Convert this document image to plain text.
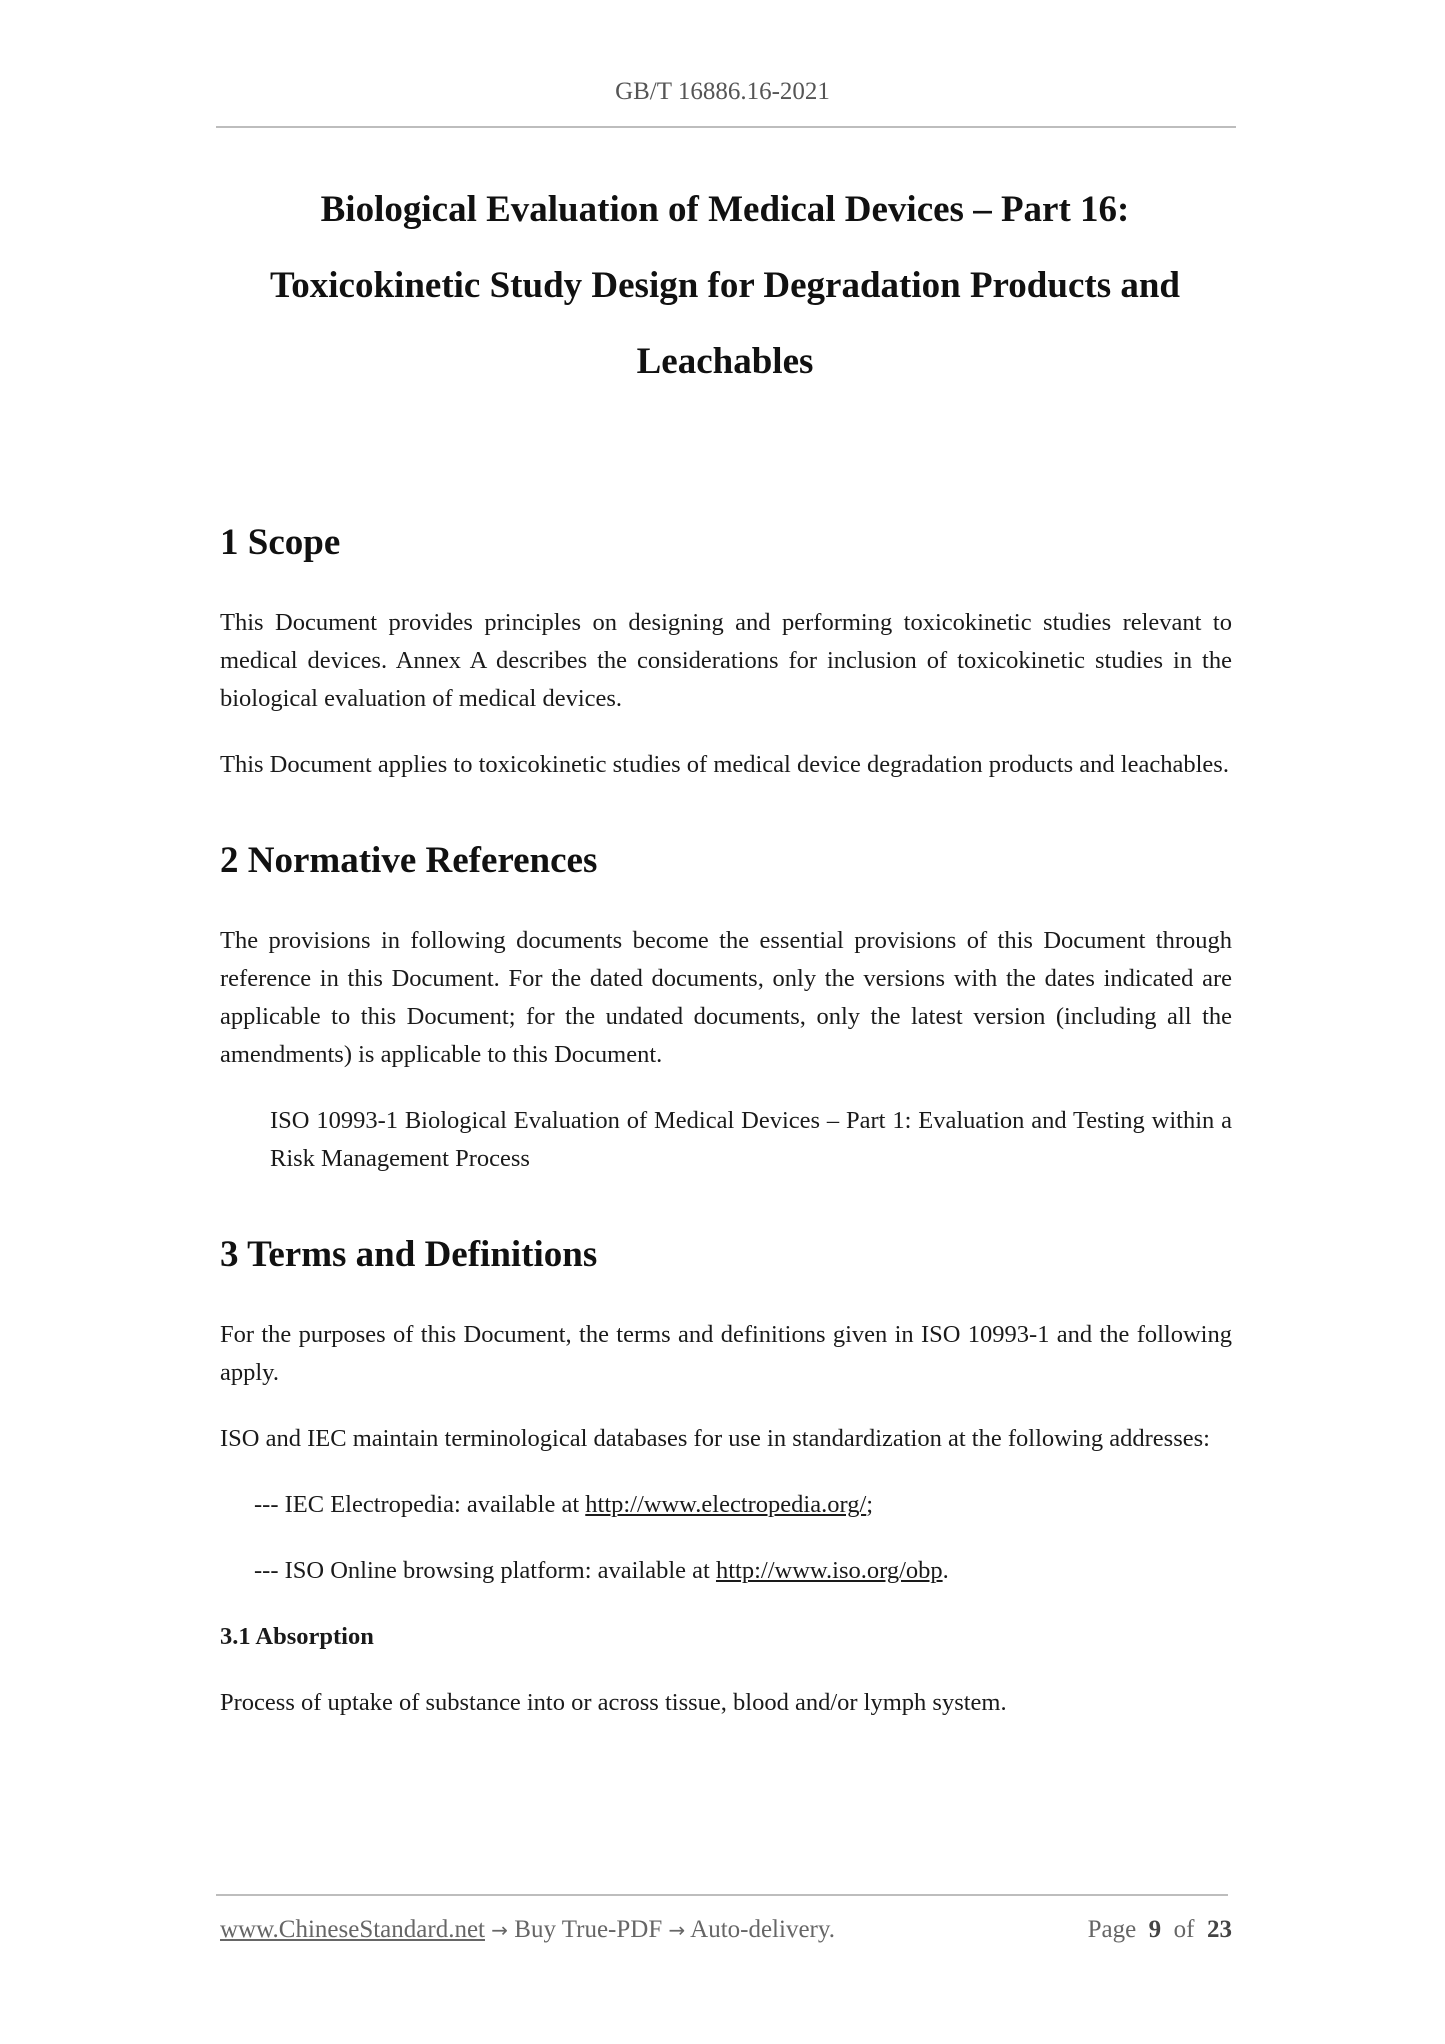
GB/T 16886.16-2021
Biological Evaluation of Medical Devices – Part 16:
Toxicokinetic Study Design for Degradation Products and
Leachables
1 Scope
This Document provides principles on designing and performing toxicokinetic studies relevant to medical devices. Annex A describes the considerations for inclusion of toxicokinetic studies in the biological evaluation of medical devices.
This Document applies to toxicokinetic studies of medical device degradation products and leachables.
2 Normative References
The provisions in following documents become the essential provisions of this Document through reference in this Document. For the dated documents, only the versions with the dates indicated are applicable to this Document; for the undated documents, only the latest version (including all the amendments) is applicable to this Document.
ISO 10993-1 Biological Evaluation of Medical Devices – Part 1: Evaluation and Testing within a Risk Management Process
3 Terms and Definitions
For the purposes of this Document, the terms and definitions given in ISO 10993-1 and the following apply.
ISO and IEC maintain terminological databases for use in standardization at the following addresses:
--- IEC Electropedia: available at http://www.electropedia.org/;
--- ISO Online browsing platform: available at http://www.iso.org/obp.
3.1 Absorption
Process of uptake of substance into or across tissue, blood and/or lymph system.
www.ChineseStandard.net → Buy True-PDF → Auto-delivery.	Page 9 of 23
